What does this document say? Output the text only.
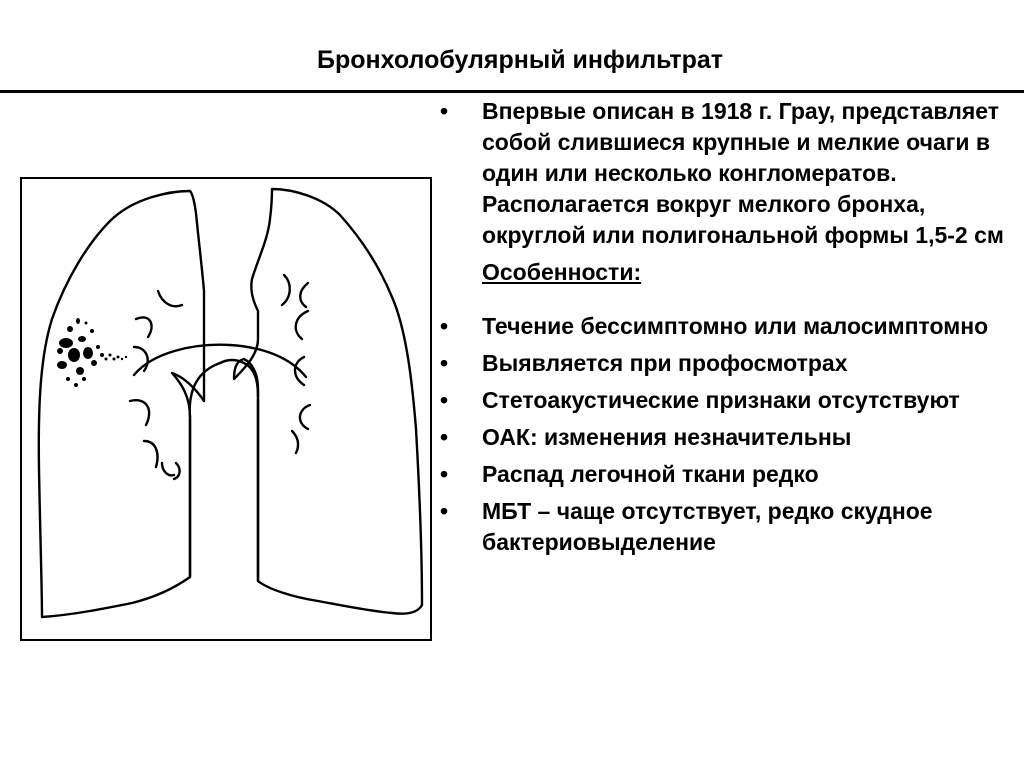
Бронхолобулярный инфильтрат

• Впервые описан в 1918 г. Грау, представляет собой слившиеся крупные и мелкие очаги в один или несколько конгломератов. Располагается вокруг мелкого бронха, округлой или полигональной формы 1,5-2 см

Особенности:

• Течение бессимптомно или малосимптомно

• Выявляется при профосмотрах

• Стетоакустические признаки отсутствуют

• ОАК: изменения незначительны

• Распад легочной ткани редко

• МБТ – чаще отсутствует, редко скудное бактериовыделение
